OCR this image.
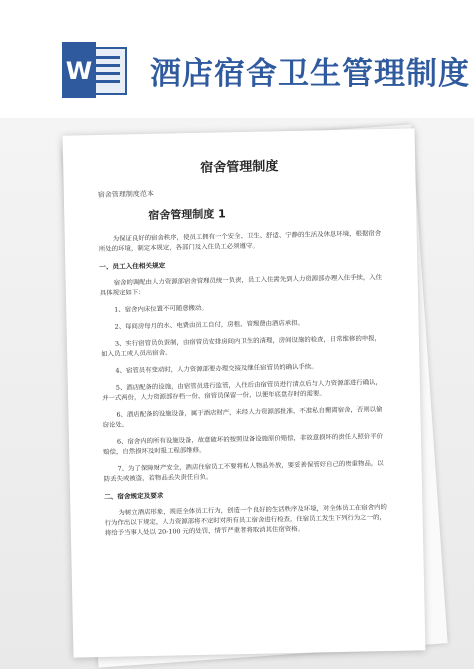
W 酒店宿舍卫生管理制度
宿舍管理制度
宿舍管理制度范本
宿舍管理制度 1

为保证良好的宿舍秩序，使员工拥有一个安全、卫生、舒适、宁静的生活及休息环境，根据宿舍所处的环境，制定本规定，各部门及入住员工必须遵守。

一、员工入住相关规定

宿舍的调配由人力资源部宿舍管理员统一负责，员工入住需先到人力资源部办理入住手续，入住具体规定如下：

1、宿舍内床位置不可随意搬动。

2、每间房每月的水、电费由员工自付，房租、管理费由酒店承担。

3、实行宿管员负责制，由宿管员安排房间内卫生的清理，房间设施的检查，日常维修的申报，如入员工或人员出宿舍。

4、宿管员有变动时，人力资源部要办理交接及继任宿管员的确认手续。

5、酒店配备的设施，由宿管员进行监管，入住后由宿管员进行清点后与人力资源部进行确认，并一式两份，人力资源部存档一份，宿管员保留一份，以便年底盘存时的需要。

6、酒店配备的设施设备，属于酒店财产，未经人力资源部批准，不准私自搬离宿舍，否则以偷窃论处。

6、宿舍内的所有设施设备，故意破坏的按照设备设施原价赔偿，非故意损坏的责任人照价平价赔偿，自然损坏及时报工程部维修。

7、为了保障财产安全，酒店住宿员工不要将私人物品外放，要妥善保管好自己的贵重物品，以防丢失或被盗，若物品丢失责任自负。

二、宿舍规定及要求

为树立酒店形象，规范全体员工行为，创造一个良好的生活秩序及环境，对全体员工在宿舍内的行为作出以下规定，人力资源部将不定时对所有员工宿舍进行检查，住宿员工发生下列行为之一的，将给予当事人处以 20-100 元的处罚，情节严重者将取消其住宿资格。
